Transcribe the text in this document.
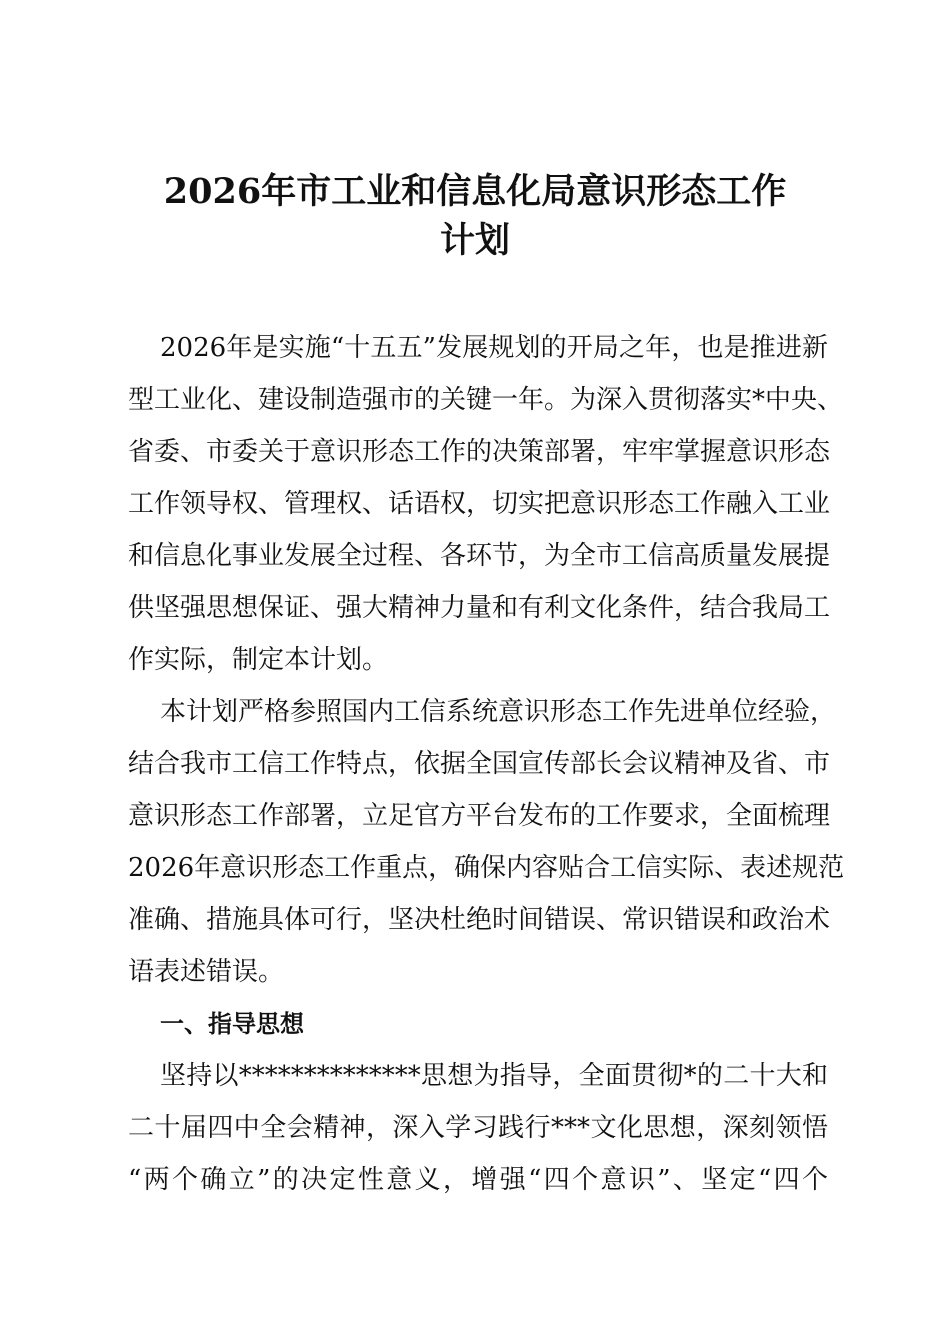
2026年市工业和信息化局意识形态工作
计划
2026年是实施“十五五”发展规划的开局之年，也是推进新
型工业化、建设制造强市的关键一年。为深入贯彻落实*中央、
省委、市委关于意识形态工作的决策部署，牢牢掌握意识形态
工作领导权、管理权、话语权，切实把意识形态工作融入工业
和信息化事业发展全过程、各环节，为全市工信高质量发展提
供坚强思想保证、强大精神力量和有利文化条件，结合我局工
作实际，制定本计划。
本计划严格参照国内工信系统意识形态工作先进单位经验，
结合我市工信工作特点，依据全国宣传部长会议精神及省、市
意识形态工作部署，立足官方平台发布的工作要求，全面梳理
2026年意识形态工作重点，确保内容贴合工信实际、表述规范
准确、措施具体可行，坚决杜绝时间错误、常识错误和政治术
语表述错误。
一、指导思想
坚持以**************思想为指导，全面贯彻*的二十大和
二十届四中全会精神，深入学习践行***文化思想，深刻领悟
“两个确立”的决定性意义，增强“四个意识”、坚定“四个
